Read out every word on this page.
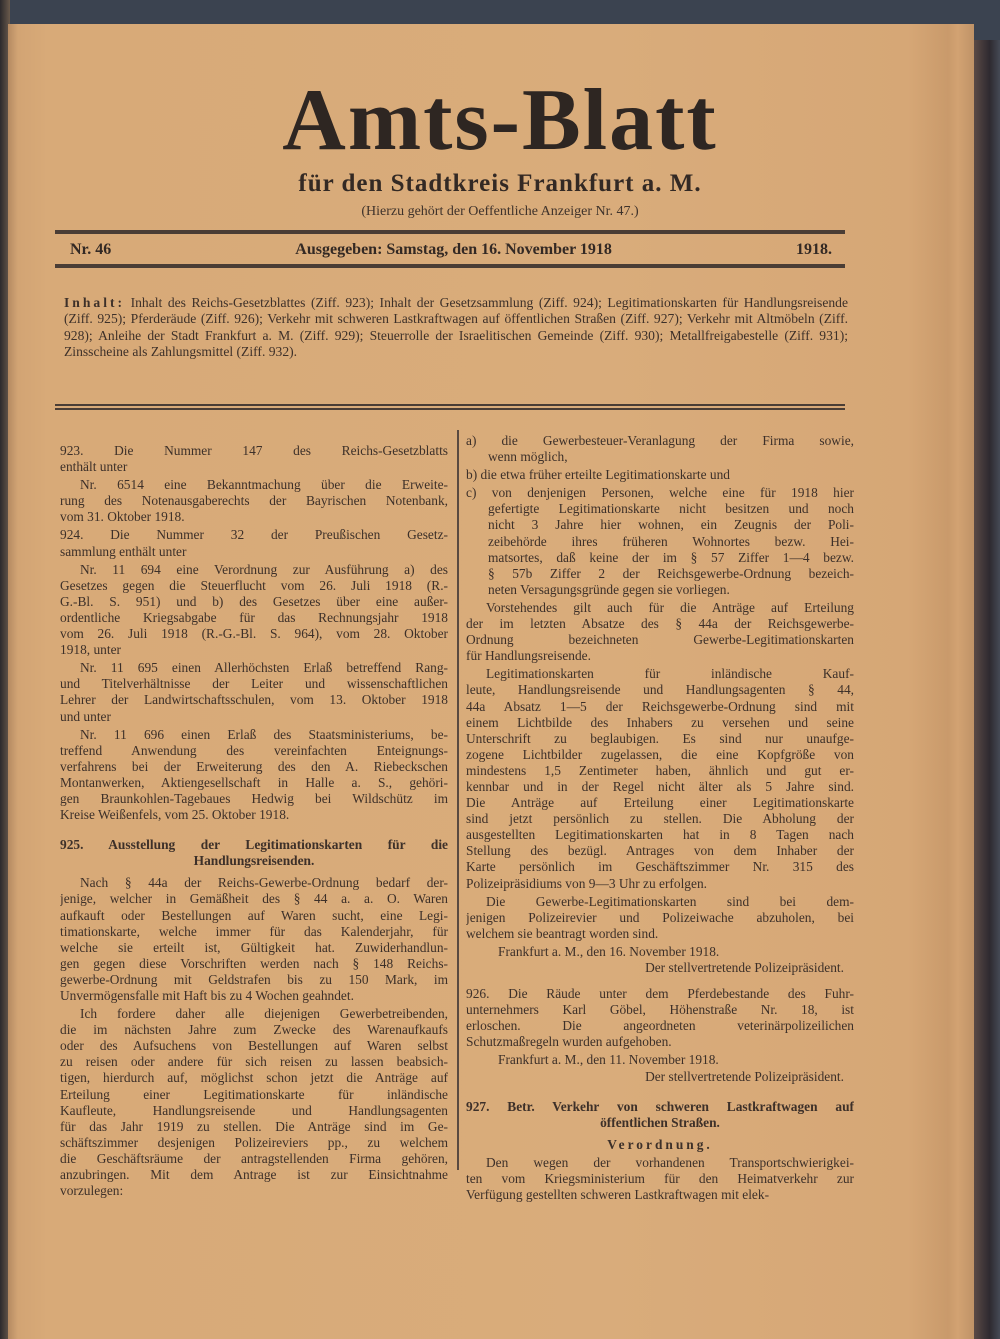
Amts-Blatt
für den Stadtkreis Frankfurt a. M.
(Hierzu gehört der Oeffentliche Anzeiger Nr. 47.)
Nr. 46	Ausgegeben: Samstag, den 16. November 1918	1918.
Inhalt: Inhalt des Reichs-Gesetzblattes (Ziff. 923); Inhalt der Gesetzsammlung (Ziff. 924); Legitimationskarten für Handlungsreisende (Ziff. 925); Pferderäude (Ziff. 926); Verkehr mit schweren Lastkraftwagen auf öffentlichen Straßen (Ziff. 927); Verkehr mit Altmöbeln (Ziff. 928); Anleihe der Stadt Frankfurt a. M. (Ziff. 929); Steuerrolle der Israelitischen Gemeinde (Ziff. 930); Metallfreigabestelle (Ziff. 931); Zinsscheine als Zahlungsmittel (Ziff. 932).
923. Die Nummer 147 des Reichs-Gesetzblatts
enthält unter
Nr. 6514 eine Bekanntmachung über die Erweite-
rung des Notenausgaberechts der Bayrischen Notenbank,
vom 31. Oktober 1918.
924. Die Nummer 32 der Preußischen Gesetz-
sammlung enthält unter
Nr. 11 694 eine Verordnung zur Ausführung a) des
Gesetzes gegen die Steuerflucht vom 26. Juli 1918 (R.-
G.-Bl. S. 951) und b) des Gesetzes über eine außer-
ordentliche Kriegsabgabe für das Rechnungsjahr 1918
vom 26. Juli 1918 (R.-G.-Bl. S. 964), vom 28. Oktober
1918, unter
Nr. 11 695 einen Allerhöchsten Erlaß betreffend Rang-
und Titelverhältnisse der Leiter und wissenschaftlichen
Lehrer der Landwirtschaftsschulen, vom 13. Oktober 1918
und unter
Nr. 11 696 einen Erlaß des Staatsministeriums, be-
treffend Anwendung des vereinfachten Enteignungs-
verfahrens bei der Erweiterung des den A. Riebeckschen
Montanwerken, Aktiengesellschaft in Halle a. S., gehöri-
gen Braunkohlen-Tagebaues Hedwig bei Wildschütz im
Kreise Weißenfels, vom 25. Oktober 1918.
925. Ausstellung der Legitimationskarten für die
Handlungsreisenden.
Nach § 44a der Reichs-Gewerbe-Ordnung bedarf der-
jenige, welcher in Gemäßheit des § 44 a. a. O. Waren
aufkauft oder Bestellungen auf Waren sucht, eine Legi-
timationskarte, welche immer für das Kalenderjahr, für
welche sie erteilt ist, Gültigkeit hat. Zuwiderhandlun-
gen gegen diese Vorschriften werden nach § 148 Reichs-
gewerbe-Ordnung mit Geldstrafen bis zu 150 Mark, im
Unvermögensfalle mit Haft bis zu 4 Wochen geahndet.
Ich fordere daher alle diejenigen Gewerbetreibenden,
die im nächsten Jahre zum Zwecke des Warenaufkaufs
oder des Aufsuchens von Bestellungen auf Waren selbst
zu reisen oder andere für sich reisen zu lassen beabsich-
tigen, hierdurch auf, möglichst schon jetzt die Anträge auf
Erteilung einer Legitimationskarte für inländische
Kaufleute, Handlungsreisende und Handlungsagenten
für das Jahr 1919 zu stellen. Die Anträge sind im Ge-
schäftszimmer desjenigen Polizeireviers pp., zu welchem
die Geschäftsräume der antragstellenden Firma gehören,
anzubringen. Mit dem Antrage ist zur Einsichtnahme
vorzulegen:
a) die Gewerbesteuer-Veranlagung der Firma sowie,
wenn möglich,
b) die etwa früher erteilte Legitimationskarte und
c) von denjenigen Personen, welche eine für 1918 hier
gefertigte Legitimationskarte nicht besitzen und noch
nicht 3 Jahre hier wohnen, ein Zeugnis der Poli-
zeibehörde ihres früheren Wohnortes bezw. Hei-
matsortes, daß keine der im § 57 Ziffer 1—4 bezw.
§ 57b Ziffer 2 der Reichsgewerbe-Ordnung bezeich-
neten Versagungsgründe gegen sie vorliegen.
Vorstehendes gilt auch für die Anträge auf Erteilung
der im letzten Absatze des § 44a der Reichsgewerbe-
Ordnung bezeichneten Gewerbe-Legitimationskarten
für Handlungsreisende.
Legitimationskarten für inländische Kauf-
leute, Handlungsreisende und Handlungsagenten § 44,
44a Absatz 1—5 der Reichsgewerbe-Ordnung sind mit
einem Lichtbilde des Inhabers zu versehen und seine
Unterschrift zu beglaubigen. Es sind nur unaufge-
zogene Lichtbilder zugelassen, die eine Kopfgröße von
mindestens 1,5 Zentimeter haben, ähnlich und gut er-
kennbar und in der Regel nicht älter als 5 Jahre sind.
Die Anträge auf Erteilung einer Legitimationskarte
sind jetzt persönlich zu stellen. Die Abholung der
ausgestellten Legitimationskarten hat in 8 Tagen nach
Stellung des bezügl. Antrages von dem Inhaber der
Karte persönlich im Geschäftszimmer Nr. 315 des
Polizeipräsidiums von 9—3 Uhr zu erfolgen.
Die Gewerbe-Legitimationskarten sind bei dem-
jenigen Polizeirevier und Polizeiwache abzuholen, bei
welchem sie beantragt worden sind.
Frankfurt a. M., den 16. November 1918.
Der stellvertretende Polizeipräsident.
926. Die Räude unter dem Pferdebestande des Fuhr-
unternehmers Karl Göbel, Höhenstraße Nr. 18, ist
erloschen. Die angeordneten veterinärpolizeilichen
Schutzmaßregeln wurden aufgehoben.
Frankfurt a. M., den 11. November 1918.
Der stellvertretende Polizeipräsident.
927. Betr. Verkehr von schweren Lastkraftwagen auf
öffentlichen Straßen.
Verordnung.
Den wegen der vorhandenen Transportschwierigkei-
ten vom Kriegsministerium für den Heimatverkehr zur
Verfügung gestellten schweren Lastkraftwagen mit elek-
